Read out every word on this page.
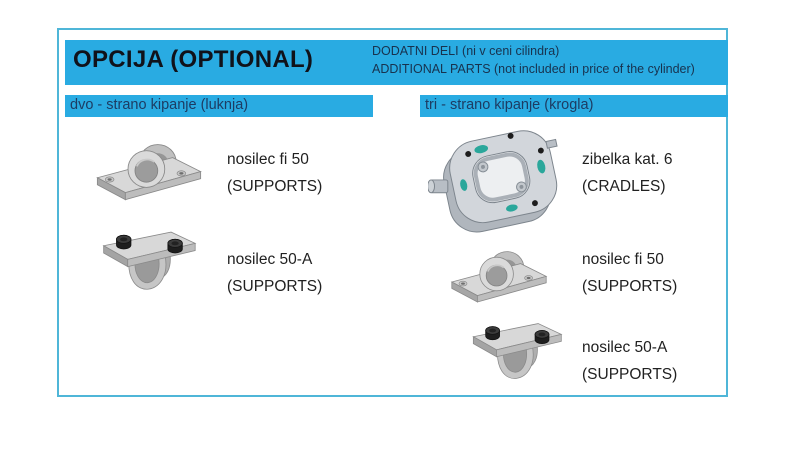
OPCIJA (OPTIONAL)	DODATNI DELI (ni v ceni cilindra)
ADDITIONAL PARTS (not included in price of the cylinder)
dvo - strano kipanje (luknja)	tri - strano kipanje (krogla)
nosilec fi 50
(SUPPORTS)
nosilec 50-A
(SUPPORTS)
zibelka kat. 6
(CRADLES)
nosilec fi 50
(SUPPORTS)
nosilec 50-A
(SUPPORTS)
